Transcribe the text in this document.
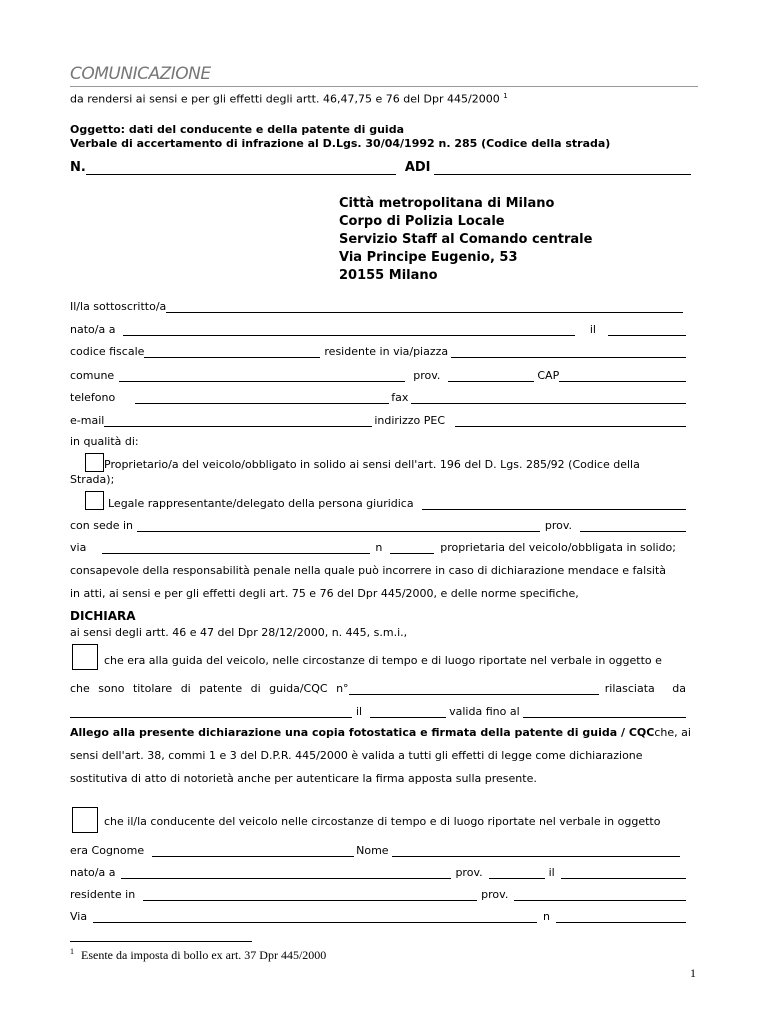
COMUNICAZIONE
da rendersi ai sensi e per gli effetti degli artt. 46,47,75 e 76 del Dpr 445/2000 $^1$
Oggetto: dati del conducente e della patente di guida
Verbale di accertamento di infrazione al D.Lgs. 30/04/1992 n. 285 (Codice della strada)
N.	ADI
Città metropolitana di Milano
Corpo di Polizia Locale
Servizio Staff al Comando centrale
Via Principe Eugenio, 53
20155 Milano
Il/la sottoscritto/a
nato/a a	il
codice fiscale	residente in via/piazza
comune	prov.	CAP
telefono	fax
e-mail	indirizzo PEC
in qualità di:
Proprietario/a del veicolo/obbligato in solido ai sensi dell'art. 196 del D. Lgs. 285/92 (Codice della
Strada);
Legale rappresentante/delegato della persona giuridica
con sede in	prov.
via	n	proprietaria del veicolo/obbligata in solido;
consapevole della responsabilità penale nella quale può incorrere in caso di dichiarazione mendace e falsità
in atti, ai sensi e per gli effetti degli art. 75 e 76 del Dpr 445/2000, e delle norme specifiche,
DICHIARA
ai sensi degli artt. 46 e 47 del Dpr 28/12/2000, n. 445, s.m.i.,
che era alla guida del veicolo, nelle circostanze di tempo e di luogo riportate nel verbale in oggetto e
che sono titolare di patente di guida/CQC n°	rilasciata da
il	valida fino al
Allego alla presente dichiarazione una copia fotostatica e firmata della patente di guida / CQC che, ai
sensi dell'art. 38, commi 1 e 3 del D.P.R. 445/2000 è valida a tutti gli effetti di legge come dichiarazione
sostitutiva di atto di notorietà anche per autenticare la firma apposta sulla presente.
che il/la conducente del veicolo nelle circostanze di tempo e di luogo riportate nel verbale in oggetto
era Cognome	Nome
nato/a a	prov.	il
residente in	prov.
Via	n
$^1$ Esente da imposta di bollo ex art. 37 Dpr 445/2000
1
